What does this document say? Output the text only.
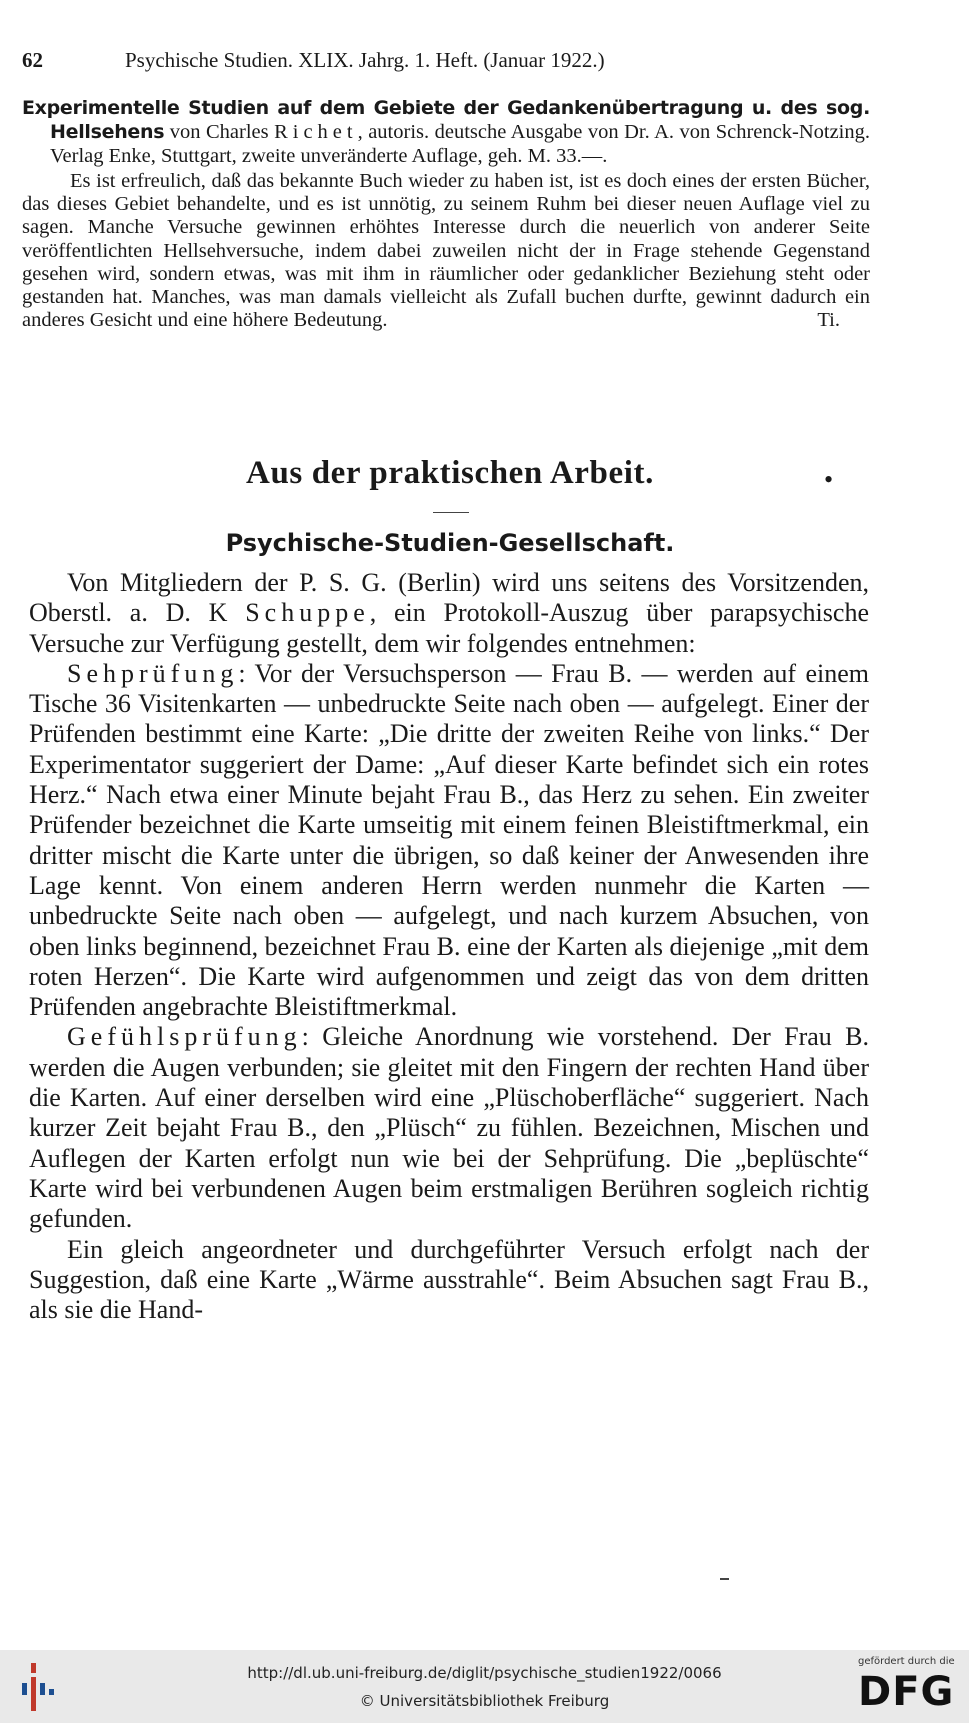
62	Psychische Studien. XLIX. Jahrg. 1. Heft. (Januar 1922.)
Experimentelle Studien auf dem Gebiete der Gedankenübertragung u. des sog. Hellsehens von Charles Richet, autoris. deutsche Ausgabe von Dr. A. von Schrenck-Notzing. Verlag Enke, Stuttgart, zweite unveränderte Auflage, geh. M. 33.—.
Es ist erfreulich, daß das bekannte Buch wieder zu haben ist, ist es doch eines der ersten Bücher, das dieses Gebiet behandelte, und es ist unnötig, zu seinem Ruhm bei dieser neuen Auflage viel zu sagen. Manche Versuche gewinnen erhöhtes Interesse durch die neuerlich von anderer Seite veröffentlichten Hellsehversuche, indem dabei zuweilen nicht der in Frage stehende Gegenstand gesehen wird, sondern etwas, was mit ihm in räumlicher oder gedanklicher Beziehung steht oder gestanden hat. Manches, was man damals vielleicht als Zufall buchen durfte, gewinnt dadurch ein anderes Gesicht und eine höhere Bedeutung.	Ti.
Aus der praktischen Arbeit.	•
Psychische-Studien-Gesellschaft.

Von Mitgliedern der P. S. G. (Berlin) wird uns seitens des Vorsitzenden, Oberstl. a. D. K Schuppe, ein Protokoll-Auszug über parapsychische Versuche zur Verfügung gestellt, dem wir folgendes entnehmen:

Sehprüfung: Vor der Versuchsperson — Frau B. — werden auf einem Tische 36 Visitenkarten — unbedruckte Seite nach oben — aufgelegt. Einer der Prüfenden bestimmt eine Karte: „Die dritte der zweiten Reihe von links.“ Der Experimentator suggeriert der Dame: „Auf dieser Karte befindet sich ein rotes Herz.“ Nach etwa einer Minute bejaht Frau B., das Herz zu sehen. Ein zweiter Prüfender bezeichnet die Karte umseitig mit einem feinen Bleistiftmerkmal, ein dritter mischt die Karte unter die übrigen, so daß keiner der Anwesenden ihre Lage kennt. Von einem anderen Herrn werden nunmehr die Karten — unbedruckte Seite nach oben — aufgelegt, und nach kurzem Absuchen, von oben links beginnend, bezeichnet Frau B. eine der Karten als diejenige „mit dem roten Herzen“. Die Karte wird aufgenommen und zeigt das von dem dritten Prüfenden angebrachte Bleistiftmerkmal.

Gefühlsprüfung: Gleiche Anordnung wie vorstehend. Der Frau B. werden die Augen verbunden; sie gleitet mit den Fingern der rechten Hand über die Karten. Auf einer derselben wird eine „Plüschoberfläche“ suggeriert. Nach kurzer Zeit bejaht Frau B., den „Plüsch“ zu fühlen. Bezeichnen, Mischen und Auflegen der Karten erfolgt nun wie bei der Sehprüfung. Die „beplüschte“ Karte wird bei verbundenen Augen beim erstmaligen Berühren sogleich richtig gefunden.

Ein gleich angeordneter und durchgeführter Versuch erfolgt nach der Suggestion, daß eine Karte „Wärme ausstrahle“. Beim Absuchen sagt Frau B., als sie die Hand-

http://dl.ub.uni-freiburg.de/diglit/psychische_studien1922/0066
© Universitätsbibliothek Freiburg
gefördert durch die
DFG
